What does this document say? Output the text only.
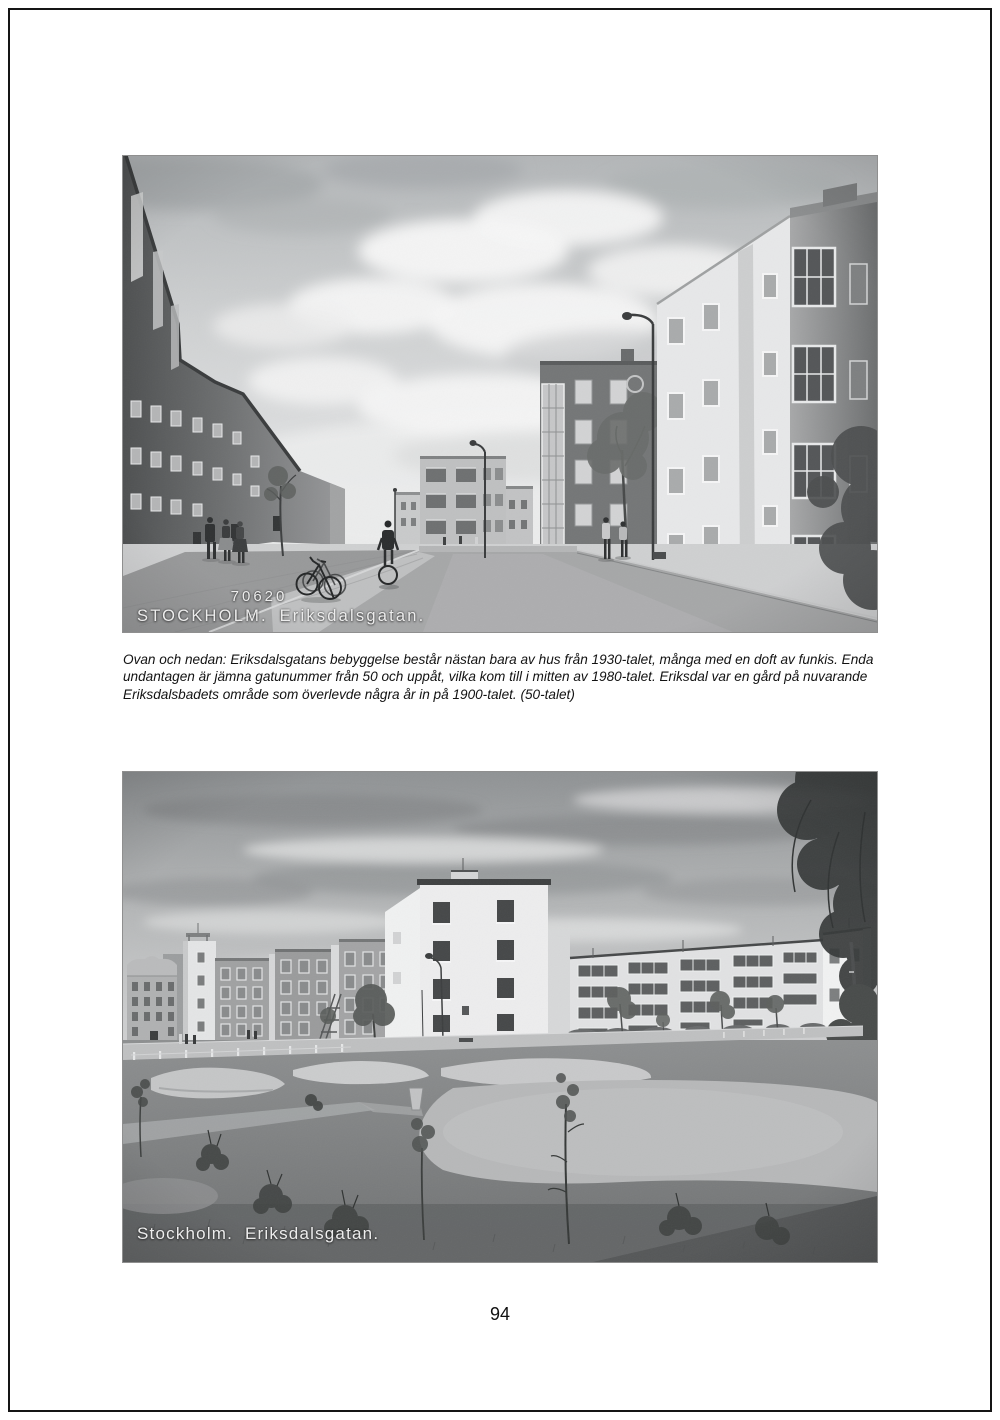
70620
STOCKHOLM. Eriksdalsgatan.
Ovan och nedan: Eriksdalsgatans bebyggelse består nästan bara av hus från 1930-talet, många med en doft av funkis. Enda
undantagen är jämna gatunummer från 50 och uppåt, vilka kom till i mitten av 1980-talet. Eriksdal var en gård på nuvarande
Eriksdalsbadets område som överlevde några år in på 1900-talet. (50-talet)
Stockholm. Eriksdalsgatan.
94
